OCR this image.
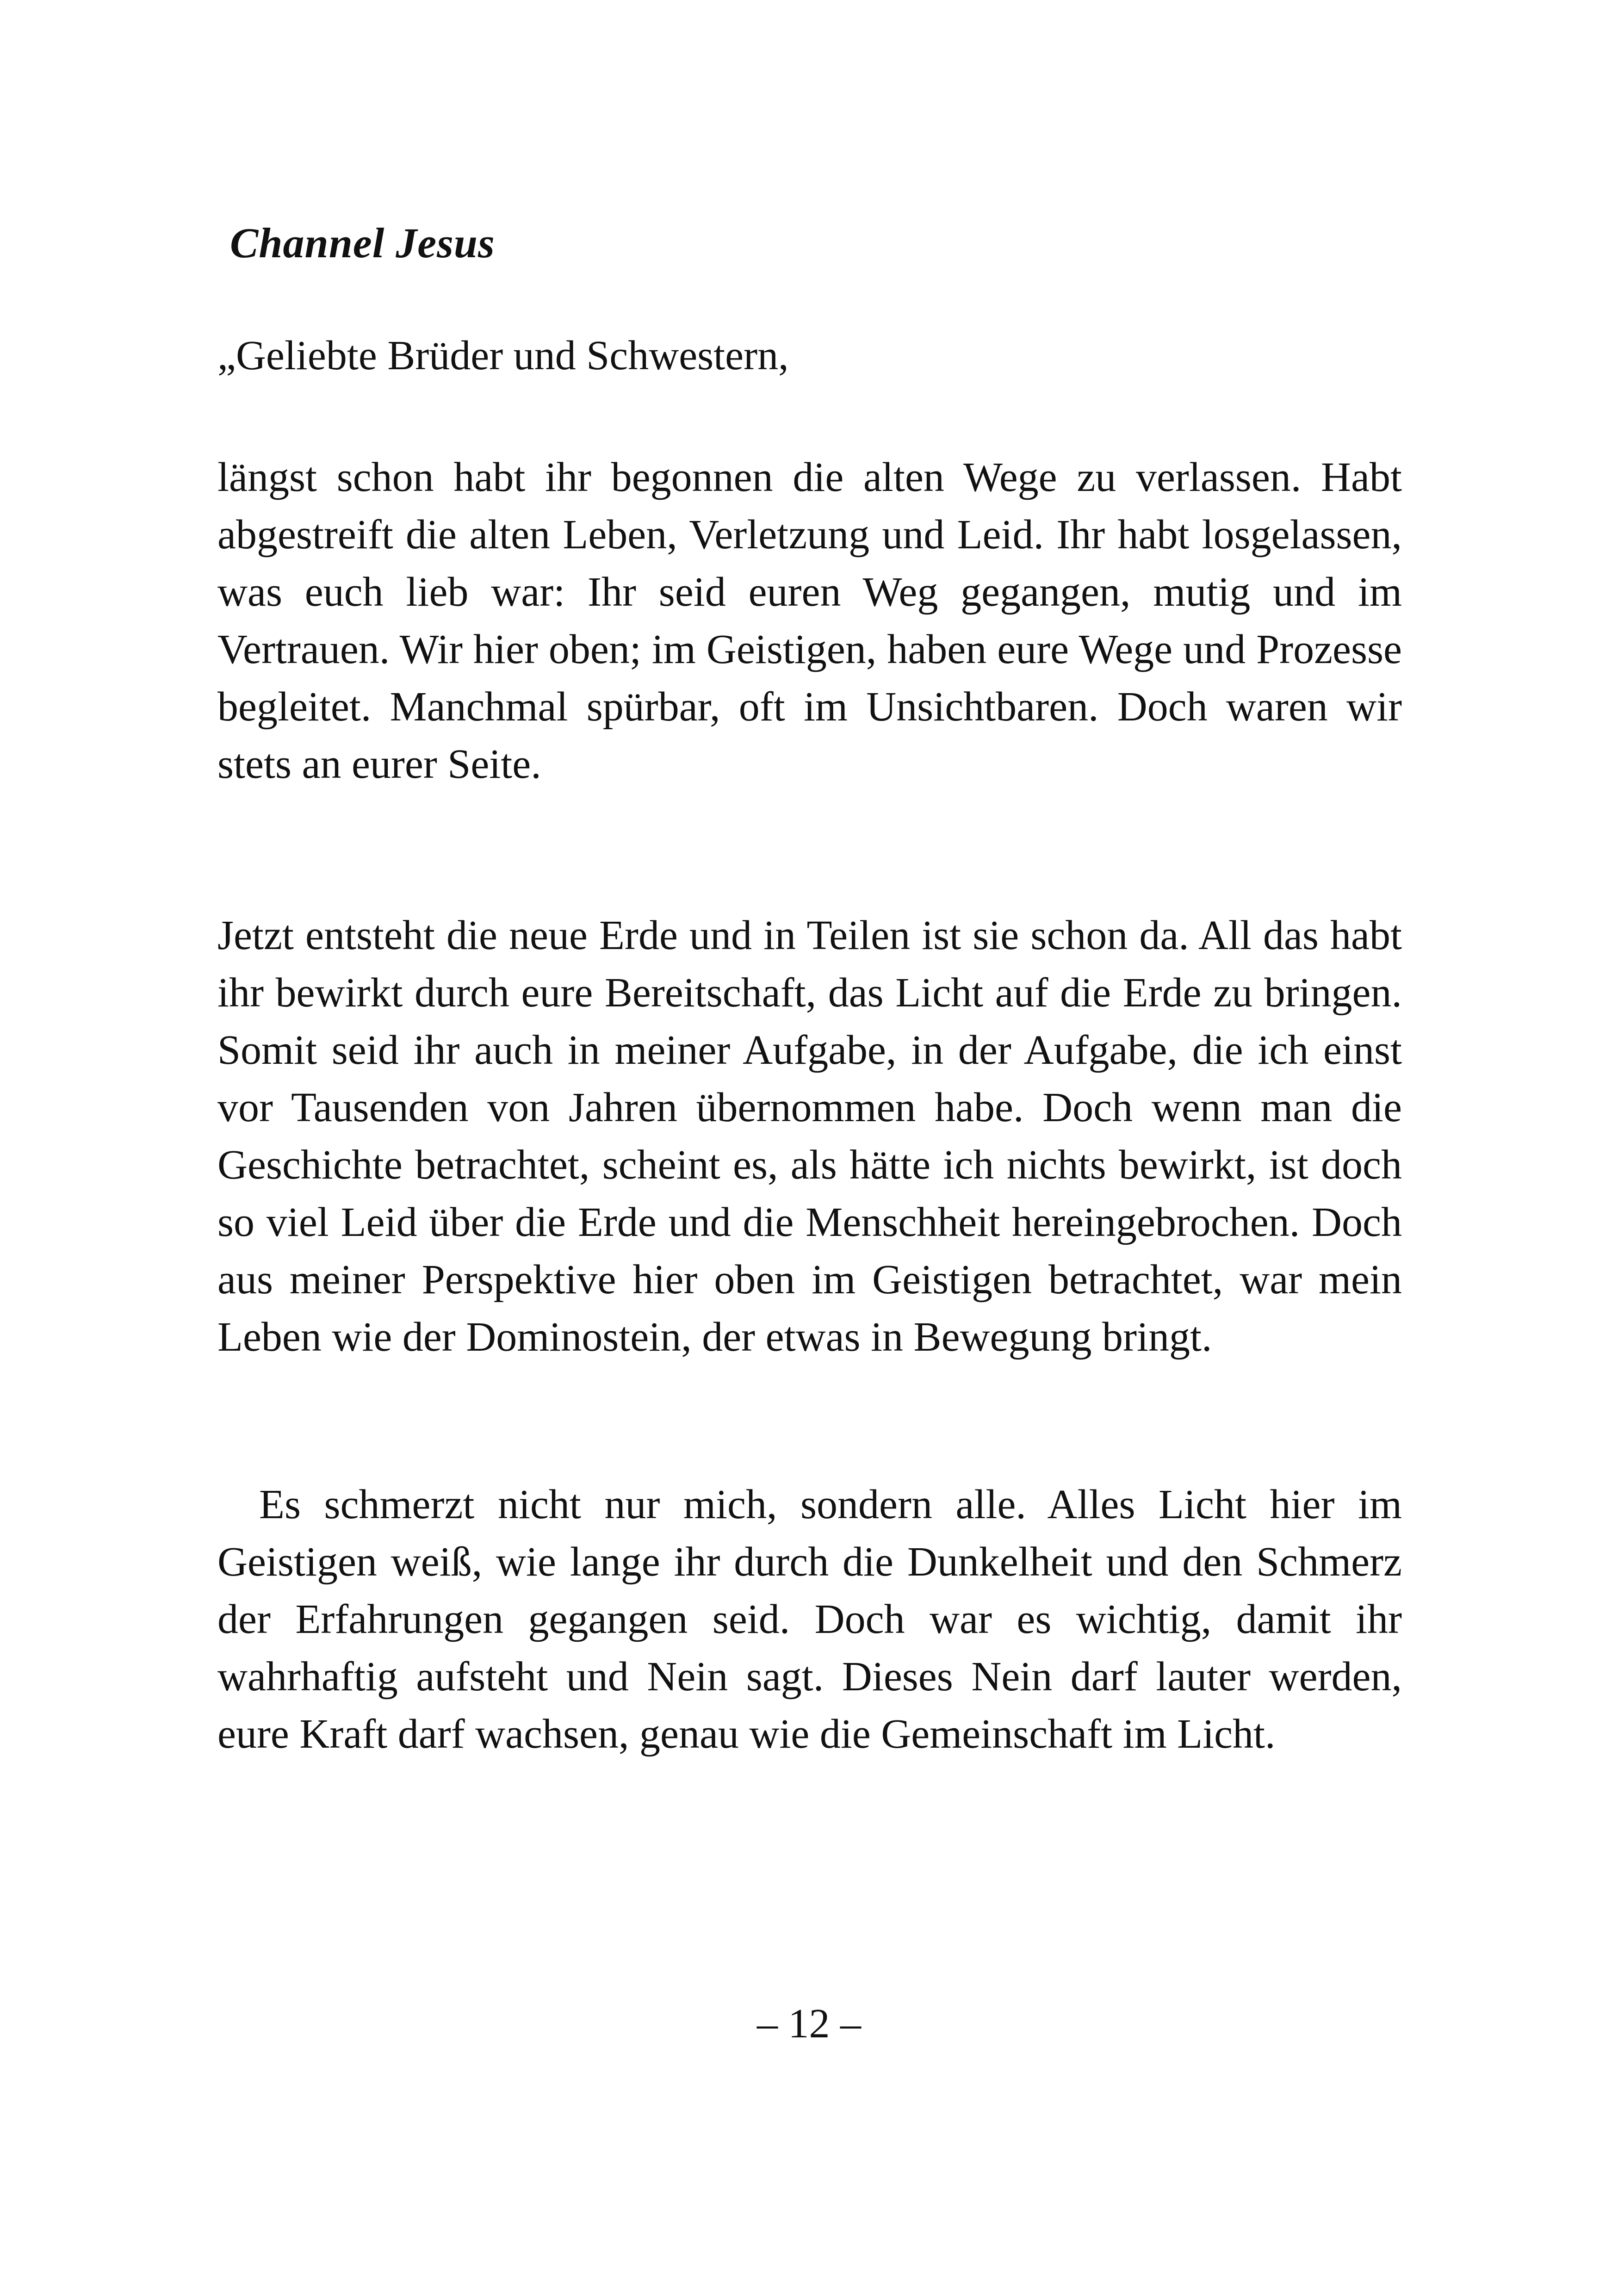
Channel Jesus
„Geliebte Brüder und Schwestern,

längst schon habt ihr begonnen die alten Wege zu verlassen. Habt abgestreift die alten Leben, Verletzung und Leid. Ihr habt losgelassen, was euch lieb war: Ihr seid euren Weg gegangen, mutig und im Vertrauen. Wir hier oben; im Geistigen, haben eure Wege und Prozesse begleitet. Manchmal spürbar, oft im Unsichtbaren. Doch waren wir stets an eurer Seite.

Jetzt entsteht die neue Erde und in Teilen ist sie schon da. All das habt ihr bewirkt durch eure Bereitschaft, das Licht auf die Erde zu bringen. Somit seid ihr auch in meiner Aufgabe, in der Aufgabe, die ich einst vor Tausenden von Jahren übernommen habe. Doch wenn man die Geschichte betrachtet, scheint es, als hätte ich nichts bewirkt, ist doch so viel Leid über die Erde und die Menschheit hereingebrochen. Doch aus meiner Perspektive hier oben im Geistigen betrachtet, war mein Leben wie der Dominostein, der etwas in Bewegung bringt.

Es schmerzt nicht nur mich, sondern alle. Alles Licht hier im Geistigen weiß, wie lange ihr durch die Dunkelheit und den Schmerz der Erfahrungen gegangen seid. Doch war es wichtig, damit ihr wahrhaftig aufsteht und Nein sagt. Dieses Nein darf lauter werden, eure Kraft darf wachsen, genau wie die Gemeinschaft im Licht.

– 12 –
